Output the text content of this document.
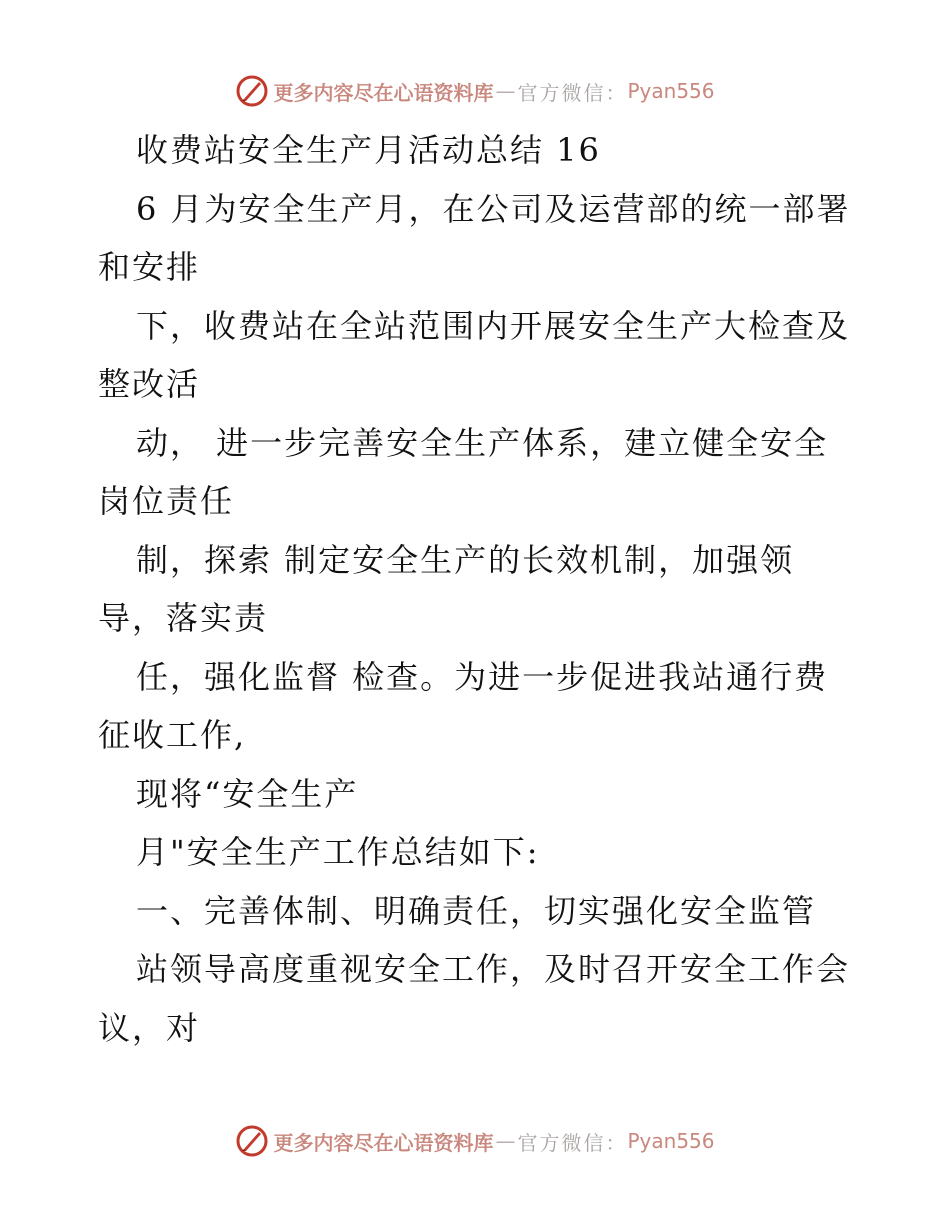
更多内容尽在心语资料库 — 官方微信： Pyan556
收费站安全生产月活动总结 16
6 月为安全生产月，在公司及运营部的统一部署
和安排
下，收费站在全站范围内开展安全生产大检查及
整改活
动， 进一步完善安全生产体系，建立健全安全
岗位责任
制，探索 制定安全生产的长效机制，加强领
导，落实责
任，强化监督 检查。为进一步促进我站通行费
征收工作,
现将“安全生产
月"安全生产工作总结如下:
一、完善体制、明确责任，切实强化安全监管
站领导高度重视安全工作，及时召开安全工作会
议，对
更多内容尽在心语资料库 — 官方微信： Pyan556
